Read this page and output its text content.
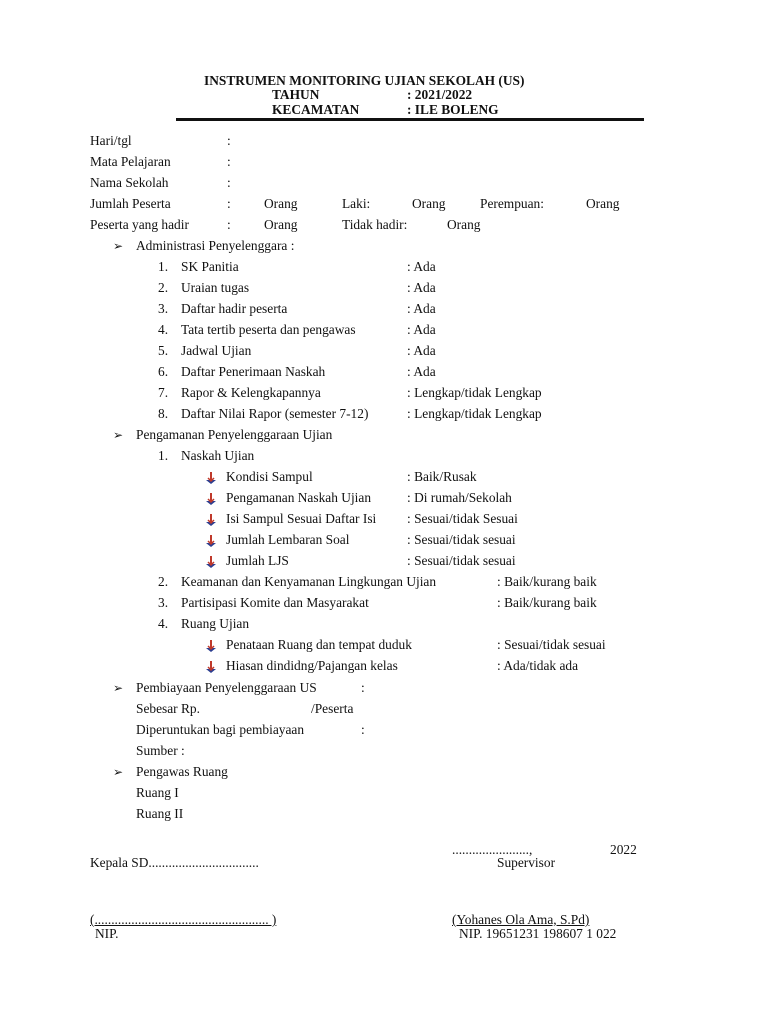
INSTRUMEN MONITORING UJIAN SEKOLAH (US)
TAHUN	: 2021/2022
KECAMATAN	: ILE BOLENG
Hari/tgl	:
Mata Pelajaran	:
Nama Sekolah	:
Jumlah Peserta	: Orang	Laki:	Orang	Perempuan:	Orang
Peserta yang hadir	: Orang	Tidak hadir:	Orang
➢ Administrasi Penyelenggara :
1. SK Panitia	: Ada
2. Uraian tugas	: Ada
3. Daftar hadir peserta	: Ada
4. Tata tertib peserta dan pengawas	: Ada
5. Jadwal Ujian	: Ada
6. Daftar Penerimaan Naskah	: Ada
7. Rapor & Kelengkapannya	: Lengkap/tidak Lengkap
8. Daftar Nilai Rapor (semester 7-12)	: Lengkap/tidak Lengkap
➢ Pengamanan Penyelenggaraan Ujian
1. Naskah Ujian
Kondisi Sampul	: Baik/Rusak
Pengamanan Naskah Ujian	: Di rumah/Sekolah
Isi Sampul Sesuai Daftar Isi : Sesuai/tidak Sesuai
Jumlah Lembaran Soal	: Sesuai/tidak sesuai
Jumlah LJS	: Sesuai/tidak sesuai
2. Keamanan dan Kenyamanan Lingkungan Ujian	: Baik/kurang baik
3. Partisipasi Komite dan Masyarakat	: Baik/kurang baik
4. Ruang Ujian
Penataan Ruang dan tempat duduk	: Sesuai/tidak sesuai
Hiasan dindidng/Pajangan kelas	: Ada/tidak ada
➢ Pembiayaan Penyelenggaraan US	:
Sebesar Rp.	/Peserta
Diperuntukan bagi pembiayaan	:
Sumber :
➢ Pengawas Ruang
Ruang I
Ruang II
.......................,	2022
Kepala SD.................................	Supervisor
(.................................................... )
NIP.
(Yohanes Ola Ama, S.Pd)
NIP. 19651231 198607 1 022
